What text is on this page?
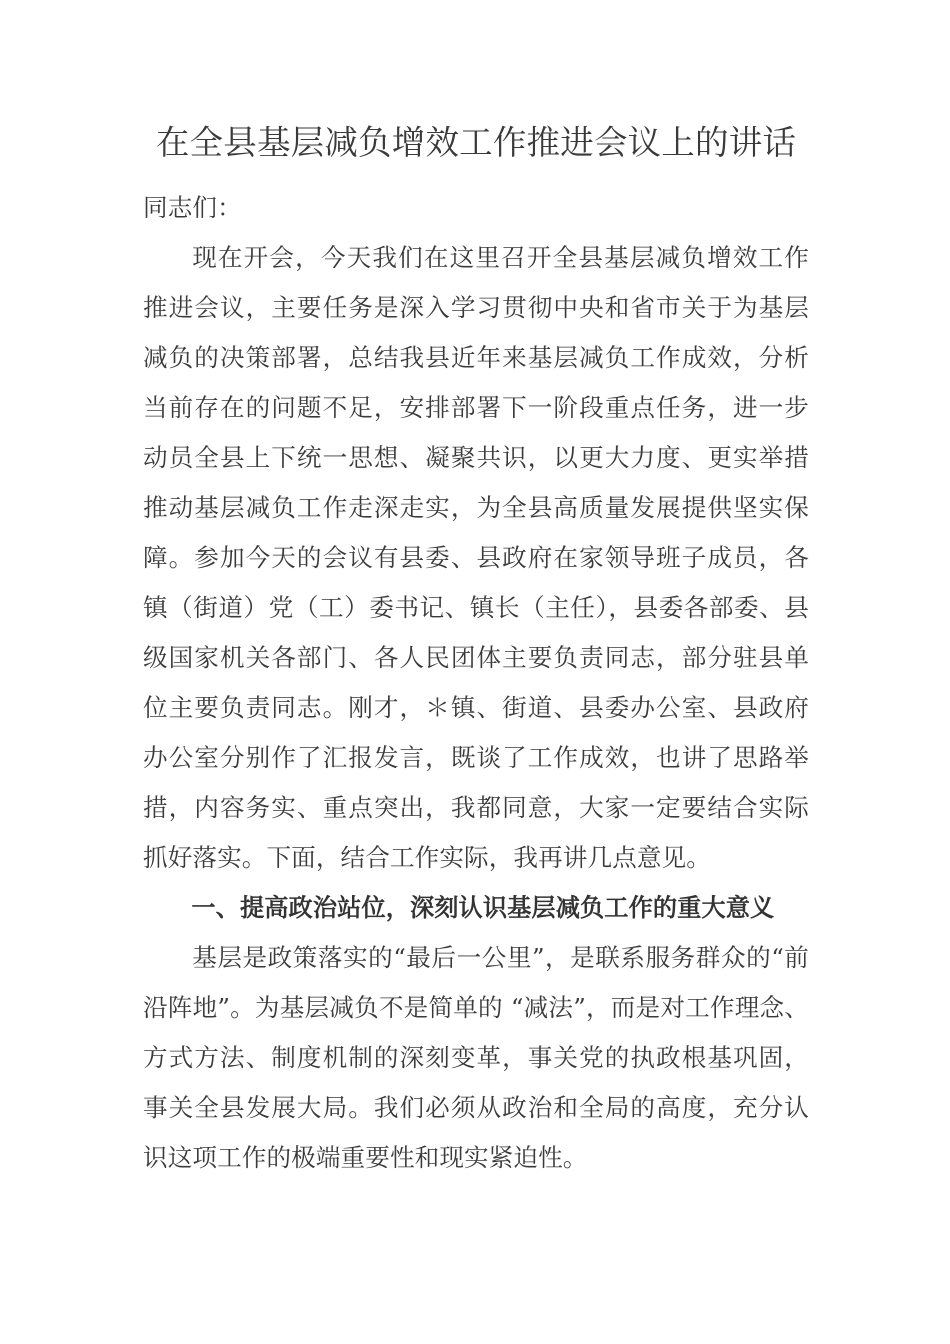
在全县基层减负增效工作推进会议上的讲话

同志们：

现在开会，今天我们在这里召开全县基层减负增效工作推进会议，主要任务是深入学习贯彻中央和省市关于为基层减负的决策部署，总结我县近年来基层减负工作成效，分析当前存在的问题不足，安排部署下一阶段重点任务，进一步动员全县上下统一思想、凝聚共识，以更大力度、更实举措推动基层减负工作走深走实，为全县高质量发展提供坚实保障。参加今天的会议有县委、县政府在家领导班子成员，各镇（街道）党（工）委书记、镇长（主任），县委各部委、县级国家机关各部门、各人民团体主要负责同志，部分驻县单位主要负责同志。刚才，＊镇、街道、县委办公室、县政府办公室分别作了汇报发言，既谈了工作成效，也讲了思路举措，内容务实、重点突出，我都同意，大家一定要结合实际抓好落实。下面，结合工作实际，我再讲几点意见。

一、提高政治站位，深刻认识基层减负工作的重大意义

基层是政策落实的“最后一公里”，是联系服务群众的“前沿阵地”。为基层减负不是简单的 “减法”，而是对工作理念、方式方法、制度机制的深刻变革，事关党的执政根基巩固，事关全县发展大局。我们必须从政治和全局的高度，充分认识这项工作的极端重要性和现实紧迫性。
